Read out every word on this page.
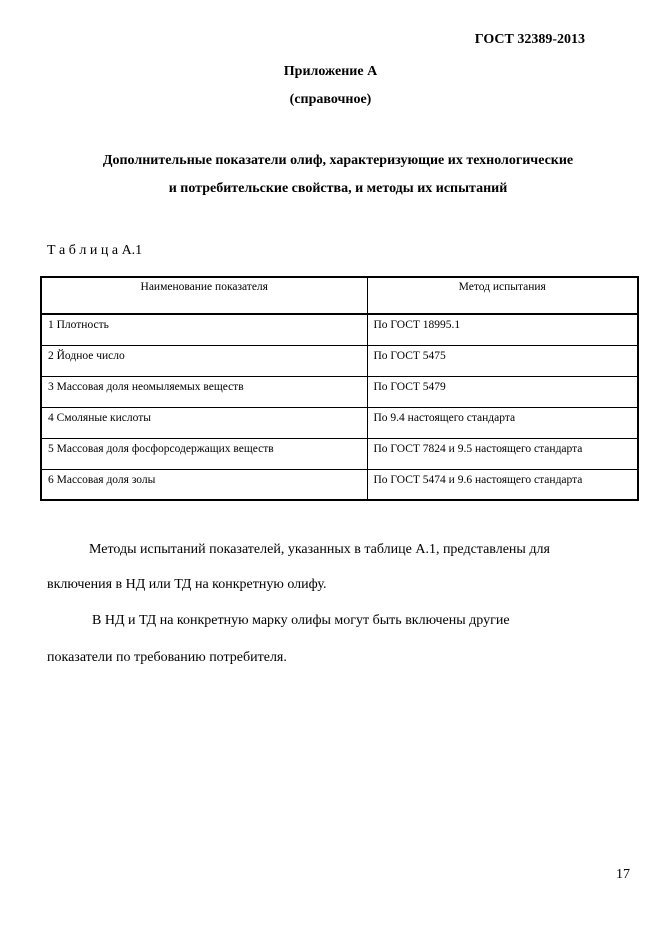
ГОСТ 32389-2013
Приложение А
(справочное)
Дополнительные показатели олиф, характеризующие их технологические
и потребительские свойства, и методы их испытаний
Т а б л и ц а А.1
Наименование показателя	Метод испытания
1 Плотность	По ГОСТ 18995.1
2 Йодное число	По ГОСТ 5475
3 Массовая доля неомыляемых веществ	По ГОСТ 5479
4 Смоляные кислоты	По 9.4 настоящего стандарта
5 Массовая доля фосфорсодержащих веществ	По ГОСТ 7824 и 9.5 настоящего стандарта
6 Массовая доля золы	По ГОСТ 5474 и 9.6 настоящего стандарта
Методы испытаний показателей, указанных в таблице А.1, представлены для
включения в НД или ТД на конкретную олифу.
В НД и ТД на конкретную марку олифы могут быть включены другие
показатели по требованию потребителя.
17
